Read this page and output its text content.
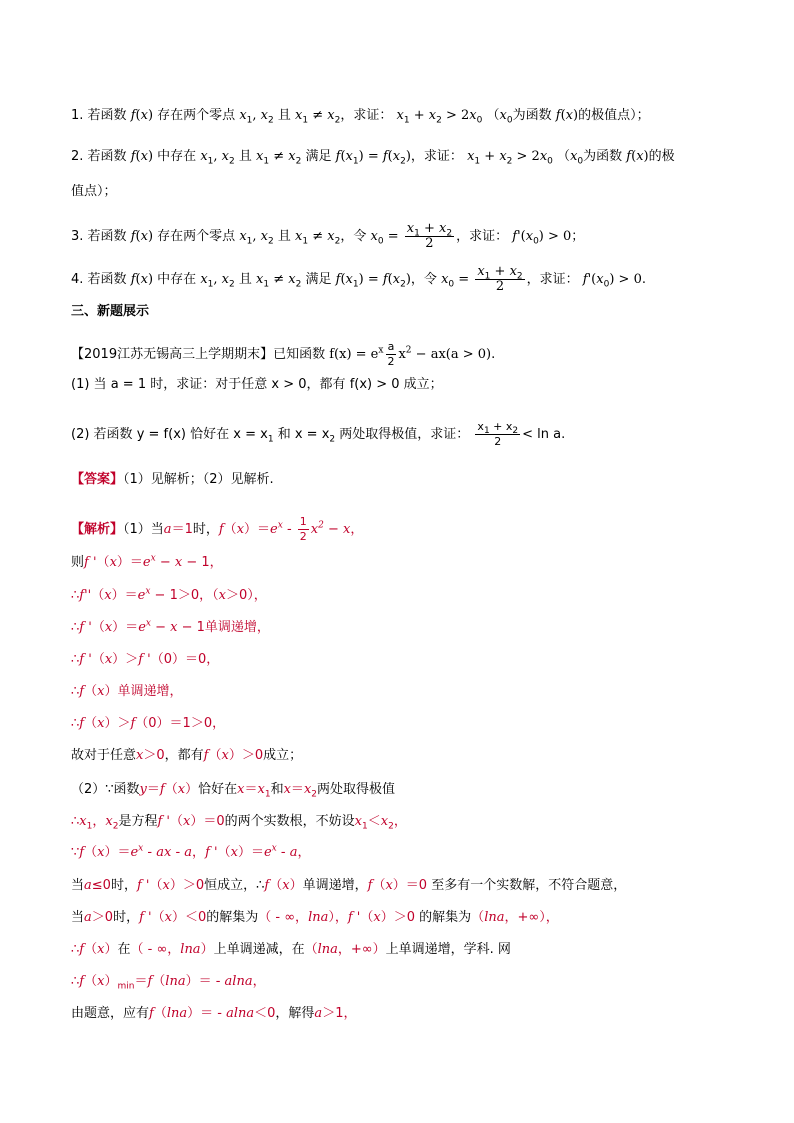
1. 若函数 f(x) 存在两个零点 $x_1$, $x_2$ 且 $x_1 \ne x_2$，求证： $x_1 + x_2 > 2x_0$ （$x_0$为函数 f(x)的极值点）；
2. 若函数 f(x) 中存在 $x_1$, $x_2$ 且 $x_1 \ne x_2$ 满足 $f(x_1) = f(x_2)$，求证： $x_1 + x_2 > 2x_0$ （$x_0$为函数 f(x)的极
值点）；
3. 若函数 f(x) 存在两个零点 $x_1$, $x_2$ 且 $x_1 \ne x_2$，令 $x_0 = \frac{x_1 + x_2}{2}$ ，求证： $f'(x_0) > 0$；
4. 若函数 f(x) 中存在 $x_1$, $x_2$ 且 $x_1 \ne x_2$ 满足 $f(x_1) = f(x_2)$，令 $x_0 = \frac{x_1 + x_2}{2}$ ，求证： $f'(x_0) > 0$.
三、新题展示
【2019江苏无锡高三上学期期末】已知函数 $f(x) = e^x \frac{a}{2} x^2 - ax(a > 0)$.
(1) 当 a = 1 时，求证：对于任意 x > 0，都有 f(x) > 0 成立；
(2) 若函数 y = f(x) 恰好在 $x = x_1$ 和 $x = x_2$ 两处取得极值，求证： $\frac{x_1 + x_2}{2} < \ln a$.
【答案】（1）见解析；（2）见解析.
【解析】（1）当a＝1时，$f(x)=e^x - \frac{1}{2} x^2 - x$，
则f '$(x)=e^x - x - 1$，
$\therefore f''(x)=e^x - 1>0$，（x＞0），
∴f '$(x)=e^x - x - 1$单调递增，
∴f '（x）＞f '（0）＝0，
∴f（x）单调递增，
∴f（x）＞f（0）＝1＞0，
故对于任意x＞0，都有f（x）＞0成立；
（2）∵函数y＝f（x）恰好在$x=x_1$和$x=x_2$两处取得极值
$\therefore x_1$，$x_2$是方程f '（x）＝0的两个实数根，不妨设$x_1<x_2$，
$\because f(x)=e^x$ - ax - a，f '$(x)=e^x - a$，
当a≤0时，f '（x）＞0恒成立，∴f（x）单调递增，f（x）＝0 至多有一个实数解，不符合题意，
当a＞0时，f '（x）＜0的解集为（ - ∞，lna），f '（x）＞0 的解集为（lna，+∞），
∴f（x）在（ - ∞，lna）上单调递减，在（lna，+∞）上单调递增，学科. 网
$\therefore f(x)_{min}=f(\ln a)= - alna$，
由题意，应有f（lna）＝ - alna＜0，解得a＞1，
